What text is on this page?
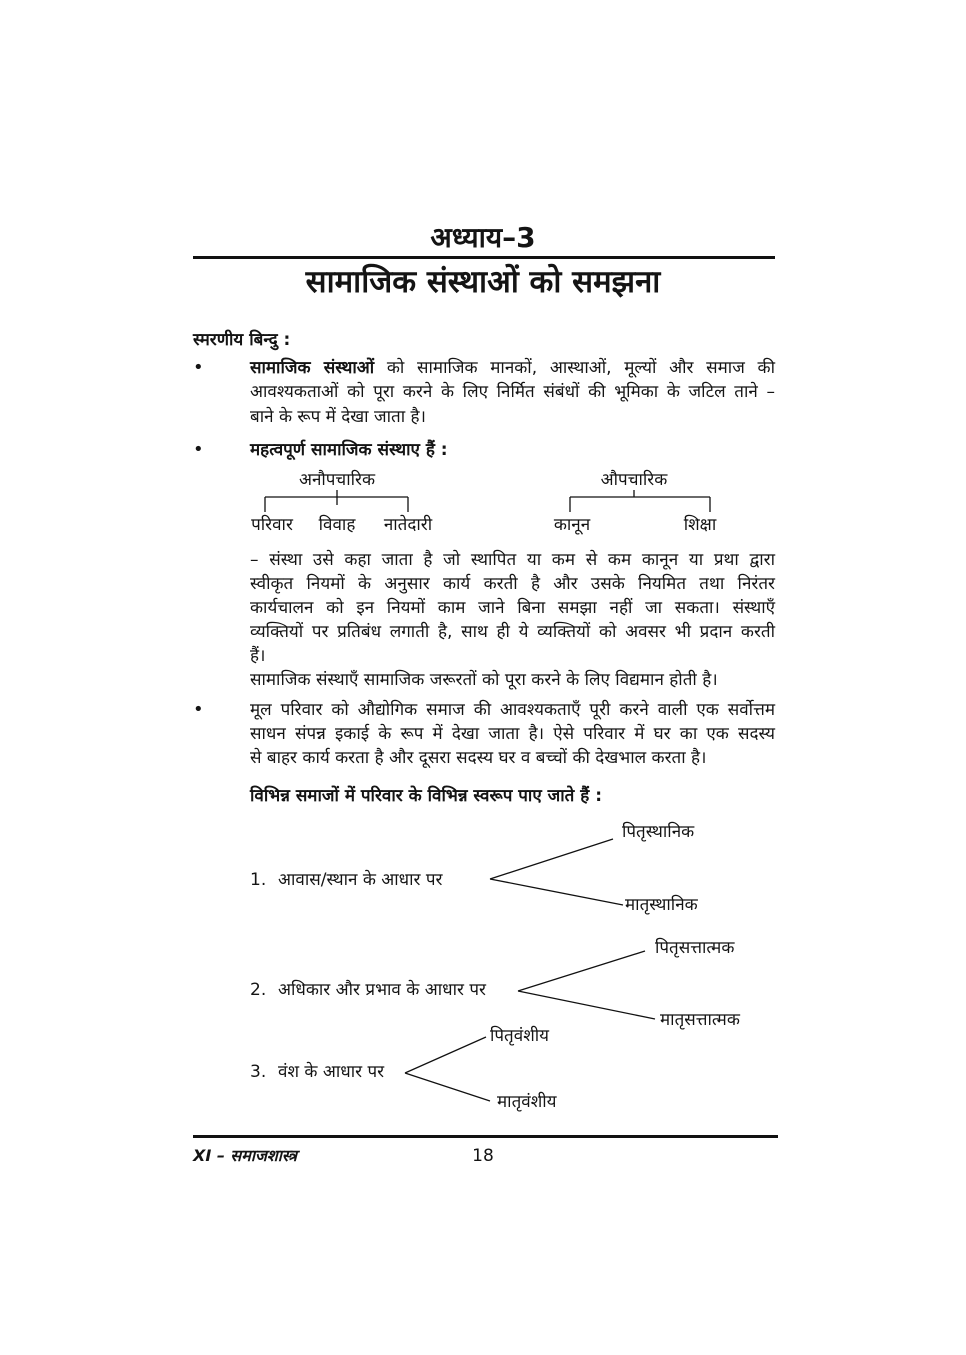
अध्याय–3
सामाजिक संस्थाओं को समझना
स्मरणीय बिन्दु :
•	सामाजिक संस्थाओं को सामाजिक मानकों, आस्थाओं, मूल्यों और समाज की
आवश्यकताओं को पूरा करने के लिए निर्मित संबंधों की भूमिका के जटिल ताने –
बाने के रूप में देखा जाता है।
•	महत्वपूर्ण सामाजिक संस्थाए हैं :
अनौपचारिक
परिवार विवाह नातेदारी
औपचारिक
कानून	शिक्षा
– संस्था उसे कहा जाता है जो स्थापित या कम से कम कानून या प्रथा द्वारा
स्वीकृत नियमों के अनुसार कार्य करती है और उसके नियमित तथा निरंतर
कार्यचालन को इन नियमों काम जाने बिना समझा नहीं जा सकता। संस्थाएँ
व्यक्तियों पर प्रतिबंध लगाती है, साथ ही ये व्यक्तियों को अवसर भी प्रदान करती
हैं।
सामाजिक संस्थाएँ सामाजिक जरूरतों को पूरा करने के लिए विद्यमान होती है।
•	मूल परिवार को औद्योगिक समाज की आवश्यकताएँ पूरी करने वाली एक सर्वोत्तम
साधन संपन्न इकाई के रूप में देखा जाता है। ऐसे परिवार में घर का एक सदस्य
से बाहर कार्य करता है और दूसरा सदस्य घर व बच्चों की देखभाल करता है।
विभिन्न समाजों में परिवार के विभिन्न स्वरूप पाए जाते हैं :
1. आवास/स्थान के आधार पर
पितृस्थानिक
मातृस्थानिक
2. अधिकार और प्रभाव के आधार पर
पितृसत्तात्मक
मातृसत्तात्मक
3. वंश के आधार पर
पितृवंशीय
मातृवंशीय
XI – समाजशास्त्र	18
